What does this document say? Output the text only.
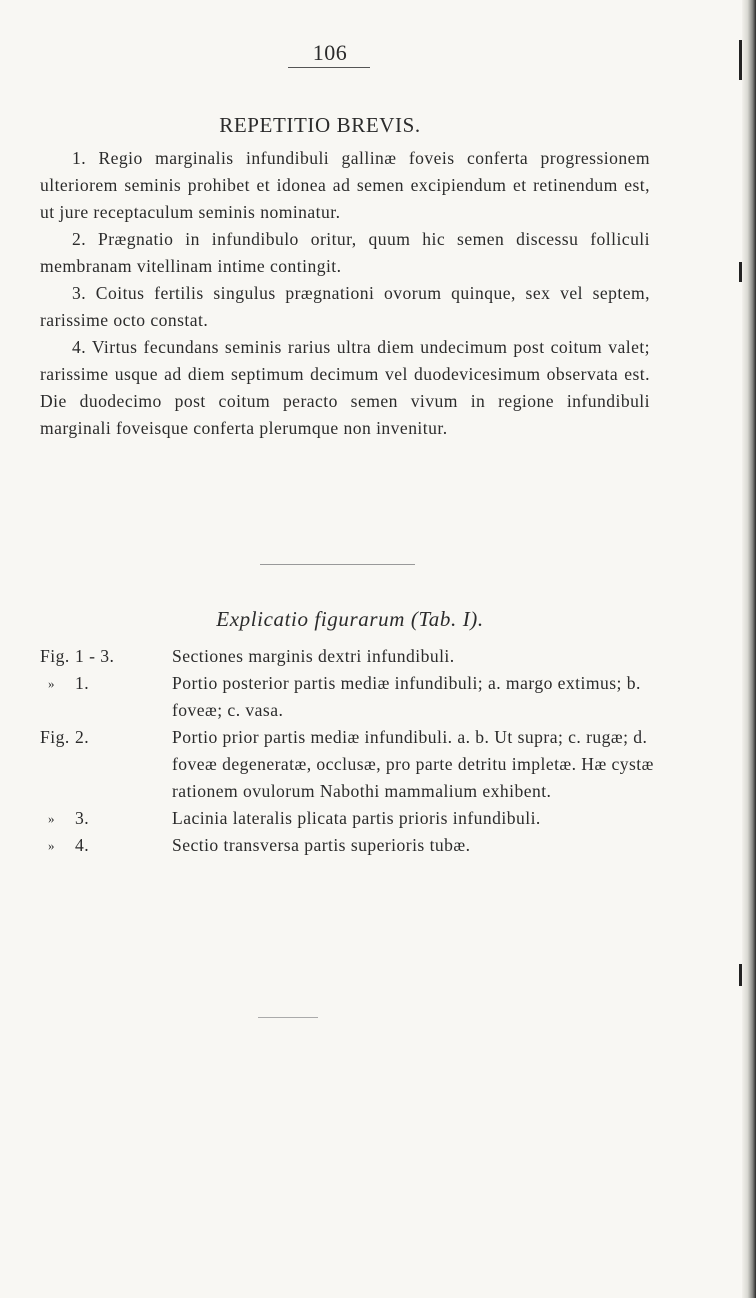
106
REPETITIO BREVIS.

1. Regio marginalis infundibuli gallinæ foveis conferta progressionem ulteriorem seminis prohibet et idonea ad semen excipiendum et retinendum est, ut jure receptaculum seminis nominatur.

2. Prægnatio in infundibulo oritur, quum hic semen discessu folliculi membranam vitellinam intime contingit.

3. Coitus fertilis singulus prægnationi ovorum quinque, sex vel septem, rarissime octo constat.

4. Virtus fecundans seminis rarius ultra diem undecimum post coitum valet; rarissime usque ad diem septimum decimum vel duodevicesimum observata est. Die duodecimo post coitum peracto semen vivum in regione infundibuli marginali foveisque conferta plerumque non invenitur.

Explicatio figurarum (Tab. I).
Fig. 1 - 3.	Sectiones marginis dextri infundibuli.
»	1.	Portio posterior partis mediæ infundibuli; a. margo extimus; b. foveæ; c. vasa.
Fig. 2.	Portio prior partis mediæ infundibuli. a. b. Ut supra; c. rugæ; d. foveæ degeneratæ, occlusæ, pro parte detritu impletæ. Hæ cystæ rationem ovulorum Nabothi mammalium exhibent.
»	3.	Lacinia lateralis plicata partis prioris infundibuli.
»	4.	Sectio transversa partis superioris tubæ.
